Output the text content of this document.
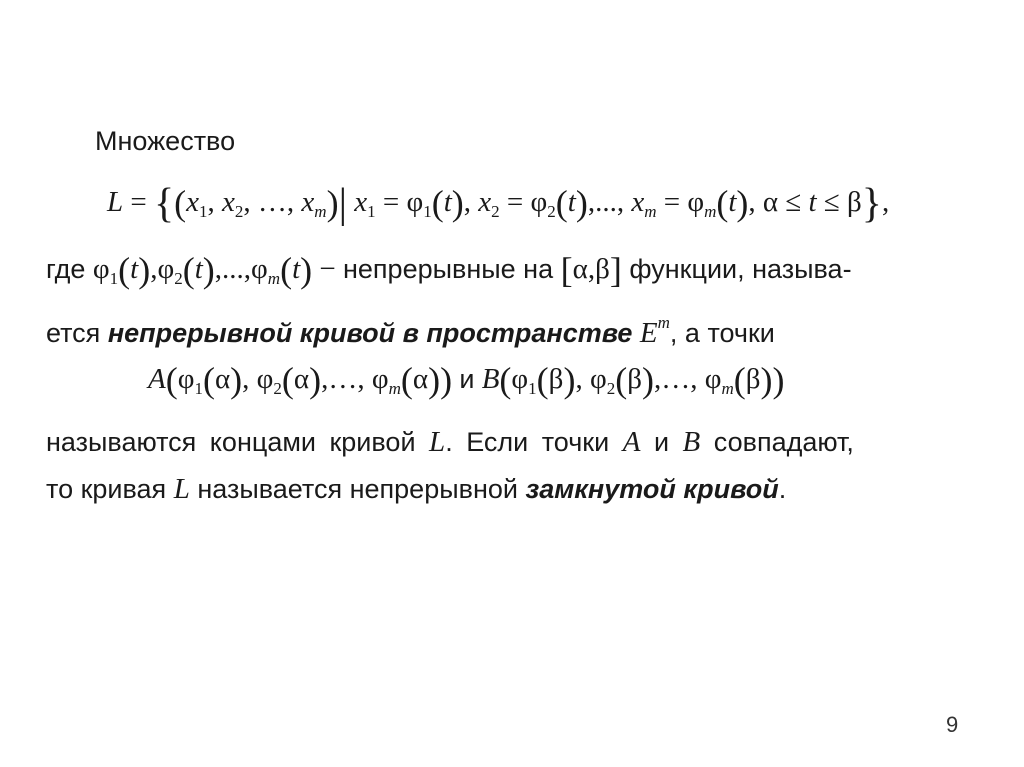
Множество
$L = \{(x_1$, $x_2$, …, $x_m)|$ $x_1 = \varphi_1(t)$, $x_2 = \varphi_2(t)$,..., $x_m = \varphi_m(t)$, α ≤ t ≤ β},
где $\varphi_1(t),\varphi_2(t),...,\varphi_m(t)$ − непрерывные на [α,β] функции, называ-
ется непрерывной кривой в пространстве $E^m$, а точки
$A(\varphi_1(\alpha)$, $\varphi_2(\alpha),\dots$, $\varphi_m(\alpha)$) и $B(\varphi_1(\beta)$, $\varphi_2(\beta),\dots$, $\varphi_m(\beta)$)
называются концами кривой L. Если точки A и B совпадают,
то кривая L называется непрерывной замкнутой кривой.
9
